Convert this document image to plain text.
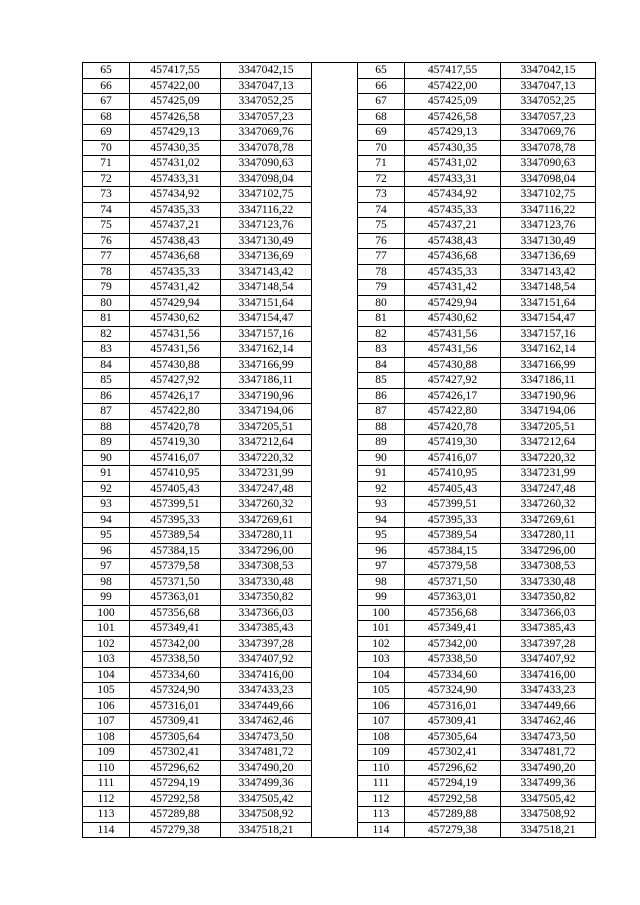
65	457417,55	3347042,15		65	457417,55	3347042,15
66	457422,00	3347047,13		66	457422,00	3347047,13
67	457425,09	3347052,25		67	457425,09	3347052,25
68	457426,58	3347057,23		68	457426,58	3347057,23
69	457429,13	3347069,76		69	457429,13	3347069,76
70	457430,35	3347078,78		70	457430,35	3347078,78
71	457431,02	3347090,63		71	457431,02	3347090,63
72	457433,31	3347098,04		72	457433,31	3347098,04
73	457434,92	3347102,75		73	457434,92	3347102,75
74	457435,33	3347116,22		74	457435,33	3347116,22
75	457437,21	3347123,76		75	457437,21	3347123,76
76	457438,43	3347130,49		76	457438,43	3347130,49
77	457436,68	3347136,69		77	457436,68	3347136,69
78	457435,33	3347143,42		78	457435,33	3347143,42
79	457431,42	3347148,54		79	457431,42	3347148,54
80	457429,94	3347151,64		80	457429,94	3347151,64
81	457430,62	3347154,47		81	457430,62	3347154,47
82	457431,56	3347157,16		82	457431,56	3347157,16
83	457431,56	3347162,14		83	457431,56	3347162,14
84	457430,88	3347166,99		84	457430,88	3347166,99
85	457427,92	3347186,11		85	457427,92	3347186,11
86	457426,17	3347190,96		86	457426,17	3347190,96
87	457422,80	3347194,06		87	457422,80	3347194,06
88	457420,78	3347205,51		88	457420,78	3347205,51
89	457419,30	3347212,64		89	457419,30	3347212,64
90	457416,07	3347220,32		90	457416,07	3347220,32
91	457410,95	3347231,99		91	457410,95	3347231,99
92	457405,43	3347247,48		92	457405,43	3347247,48
93	457399,51	3347260,32		93	457399,51	3347260,32
94	457395,33	3347269,61		94	457395,33	3347269,61
95	457389,54	3347280,11		95	457389,54	3347280,11
96	457384,15	3347296,00		96	457384,15	3347296,00
97	457379,58	3347308,53		97	457379,58	3347308,53
98	457371,50	3347330,48		98	457371,50	3347330,48
99	457363,01	3347350,82		99	457363,01	3347350,82
100	457356,68	3347366,03		100	457356,68	3347366,03
101	457349,41	3347385,43		101	457349,41	3347385,43
102	457342,00	3347397,28		102	457342,00	3347397,28
103	457338,50	3347407,92		103	457338,50	3347407,92
104	457334,60	3347416,00		104	457334,60	3347416,00
105	457324,90	3347433,23		105	457324,90	3347433,23
106	457316,01	3347449,66		106	457316,01	3347449,66
107	457309,41	3347462,46		107	457309,41	3347462,46
108	457305,64	3347473,50		108	457305,64	3347473,50
109	457302,41	3347481,72		109	457302,41	3347481,72
110	457296,62	3347490,20		110	457296,62	3347490,20
111	457294,19	3347499,36		111	457294,19	3347499,36
112	457292,58	3347505,42		112	457292,58	3347505,42
113	457289,88	3347508,92		113	457289,88	3347508,92
114	457279,38	3347518,21		114	457279,38	3347518,21
